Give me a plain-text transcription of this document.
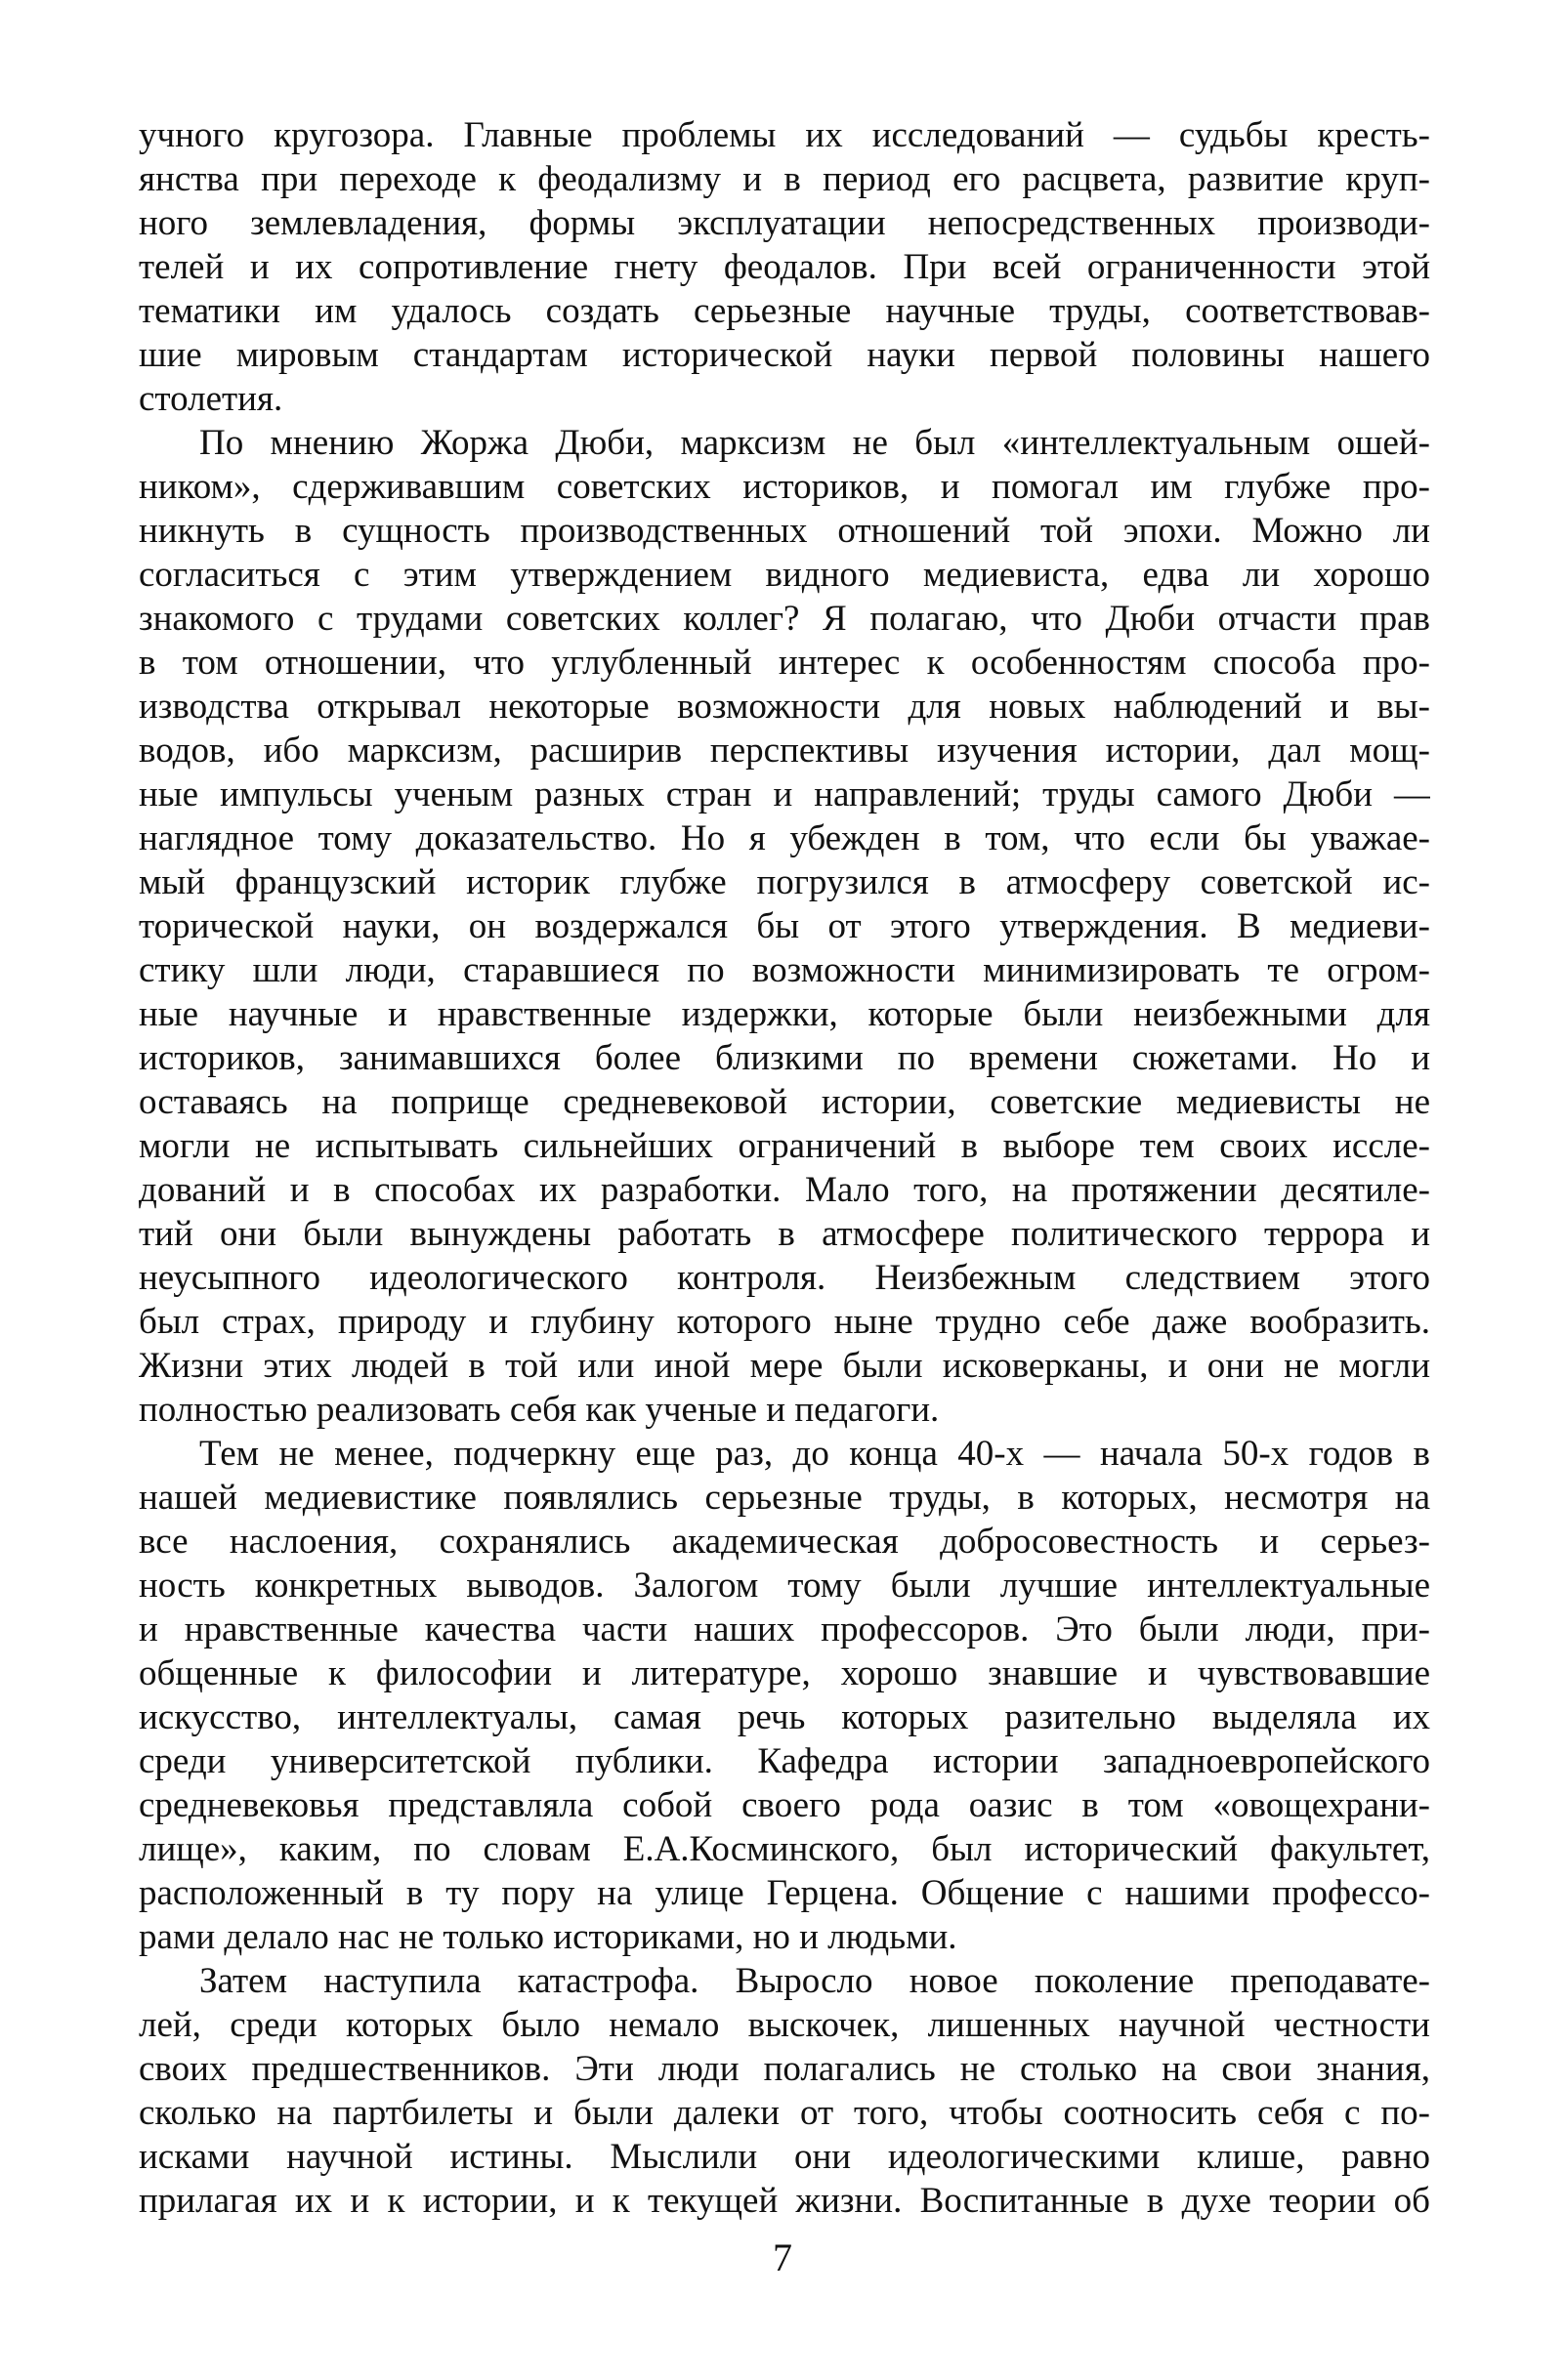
учного кругозора. Главные проблемы их исследований — судьбы кресть-
янства при переходе к феодализму и в период его расцвета, развитие круп-
ного землевладения, формы эксплуатации непосредственных производи-
телей и их сопротивление гнету феодалов. При всей ограниченности этой
тематики им удалось создать серьезные научные труды, соответствовав-
шие мировым стандартам исторической науки первой половины нашего
столетия.
По мнению Жоржа Дюби, марксизм не был «интеллектуальным ошей-
ником», сдерживавшим советских историков, и помогал им глубже про-
никнуть в сущность производственных отношений той эпохи. Можно ли
согласиться с этим утверждением видного медиевиста, едва ли хорошо
знакомого с трудами советских коллег? Я полагаю, что Дюби отчасти прав
в том отношении, что углубленный интерес к особенностям способа про-
изводства открывал некоторые возможности для новых наблюдений и вы-
водов, ибо марксизм, расширив перспективы изучения истории, дал мощ-
ные импульсы ученым разных стран и направлений; труды самого Дюби —
наглядное тому доказательство. Но я убежден в том, что если бы уважае-
мый французский историк глубже погрузился в атмосферу советской ис-
торической науки, он воздержался бы от этого утверждения. В медиеви-
стику шли люди, старавшиеся по возможности минимизировать те огром-
ные научные и нравственные издержки, которые были неизбежными для
историков, занимавшихся более близкими по времени сюжетами. Но и
оставаясь на поприще средневековой истории, советские медиевисты не
могли не испытывать сильнейших ограничений в выборе тем своих иссле-
дований и в способах их разработки. Мало того, на протяжении десятиле-
тий они были вынуждены работать в атмосфере политического террора и
неусыпного идеологического контроля. Неизбежным следствием этого
был страх, природу и глубину которого ныне трудно себе даже вообразить.
Жизни этих людей в той или иной мере были исковерканы, и они не могли
полностью реализовать себя как ученые и педагоги.
Тем не менее, подчеркну еще раз, до конца 40-х — начала 50-х годов в
нашей медиевистике появлялись серьезные труды, в которых, несмотря на
все наслоения, сохранялись академическая добросовестность и серьез-
ность конкретных выводов. Залогом тому были лучшие интеллектуальные
и нравственные качества части наших профессоров. Это были люди, при-
общенные к философии и литературе, хорошо знавшие и чувствовавшие
искусство, интеллектуалы, самая речь которых разительно выделяла их
среди университетской публики. Кафедра истории западноевропейского
средневековья представляла собой своего рода оазис в том «овощехрани-
лище», каким, по словам Е.А.Косминского, был исторический факультет,
расположенный в ту пору на улице Герцена. Общение с нашими профессо-
рами делало нас не только историками, но и людьми.
Затем наступила катастрофа. Выросло новое поколение преподавате-
лей, среди которых было немало выскочек, лишенных научной честности
своих предшественников. Эти люди полагались не столько на свои знания,
сколько на партбилеты и были далеки от того, чтобы соотносить себя с по-
исками научной истины. Мыслили они идеологическими клише, равно
прилагая их и к истории, и к текущей жизни. Воспитанные в духе теории об
7
